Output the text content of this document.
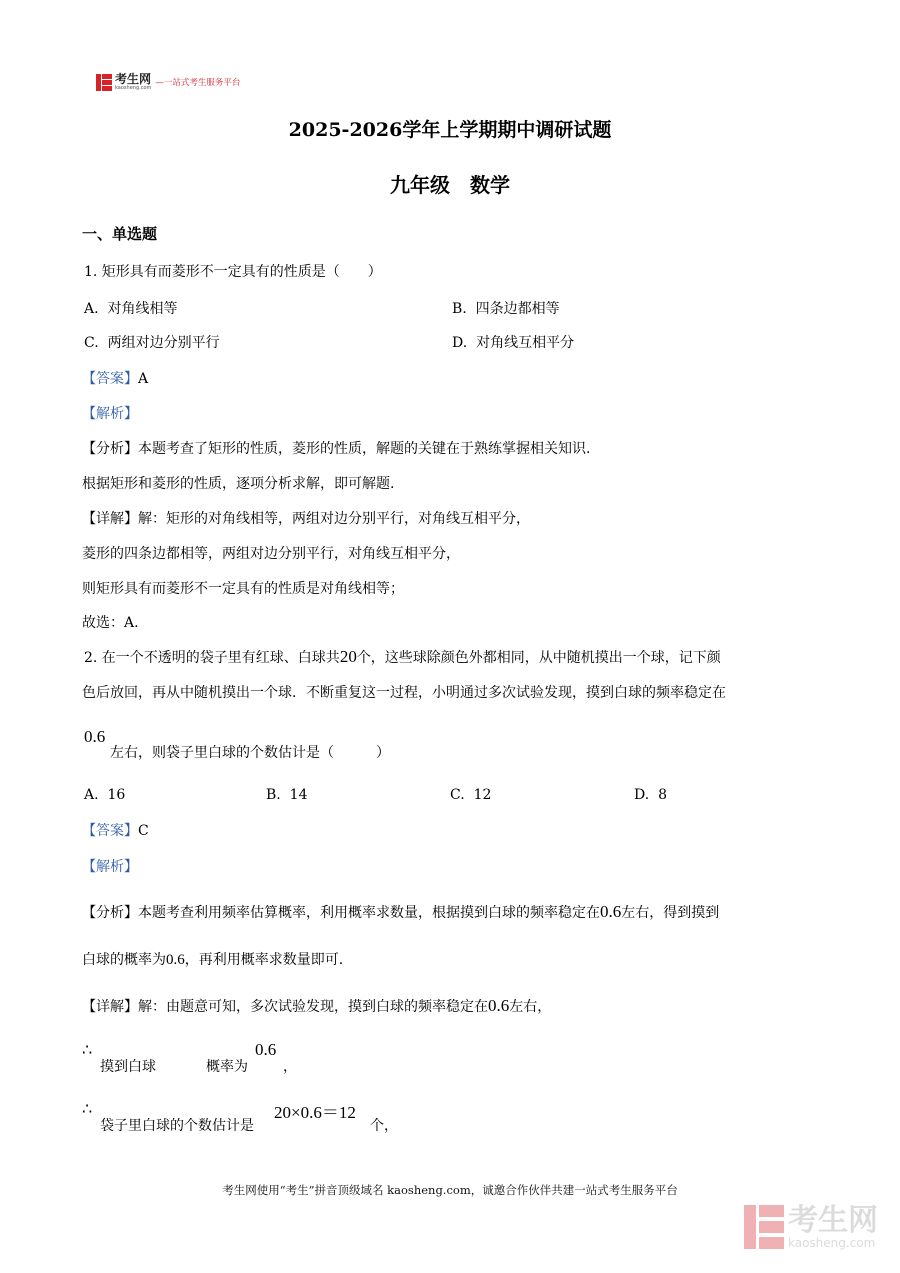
考生网
kaosheng.com —一站式考生服务平台
2025-2026学年上学期期中调研试题
九年级　数学
一、单选题
1. 矩形具有而菱形不一定具有的性质是（　　）
A. 对角线相等	B. 四条边都相等
C. 两组对边分别平行	D. 对角线互相平分
【答案】A
【解析】
【分析】本题考查了矩形的性质，菱形的性质，解题的关键在于熟练掌握相关知识.
根据矩形和菱形的性质，逐项分析求解，即可解题.
【详解】解：矩形的对角线相等，两组对边分别平行，对角线互相平分，
菱形的四条边都相等，两组对边分别平行，对角线互相平分，
则矩形具有而菱形不一定具有的性质是对角线相等；
故选：A.
2. 在一个不透明的袋子里有红球、白球共20个，这些球除颜色外都相同，从中随机摸出一个球，记下颜
色后放回，再从中随机摸出一个球．不断重复这一过程，小明通过多次试验发现，摸到白球的频率稳定在
0.6
左右，则袋子里白球的个数估计是（　　　）
A. 16	B. 14	C. 12	D. 8
【答案】C
【解析】
【分析】本题考查利用频率估算概率，利用概率求数量，根据摸到白球的频率稳定在0.6左右，得到摸到
白球的概率为0.6，再利用概率求数量即可.
【详解】解：由题意可知，多次试验发现，摸到白球的频率稳定在0.6左右，
∴
摸到白球	概率为
0.6
，
∴
袋子里白球的个数估计是
20×0.6＝12
个，
考生网使用“考生”拼音顶级域名 kaosheng.com，诚邀合作伙伴共建一站式考生服务平台
考生网
kaosheng.com
